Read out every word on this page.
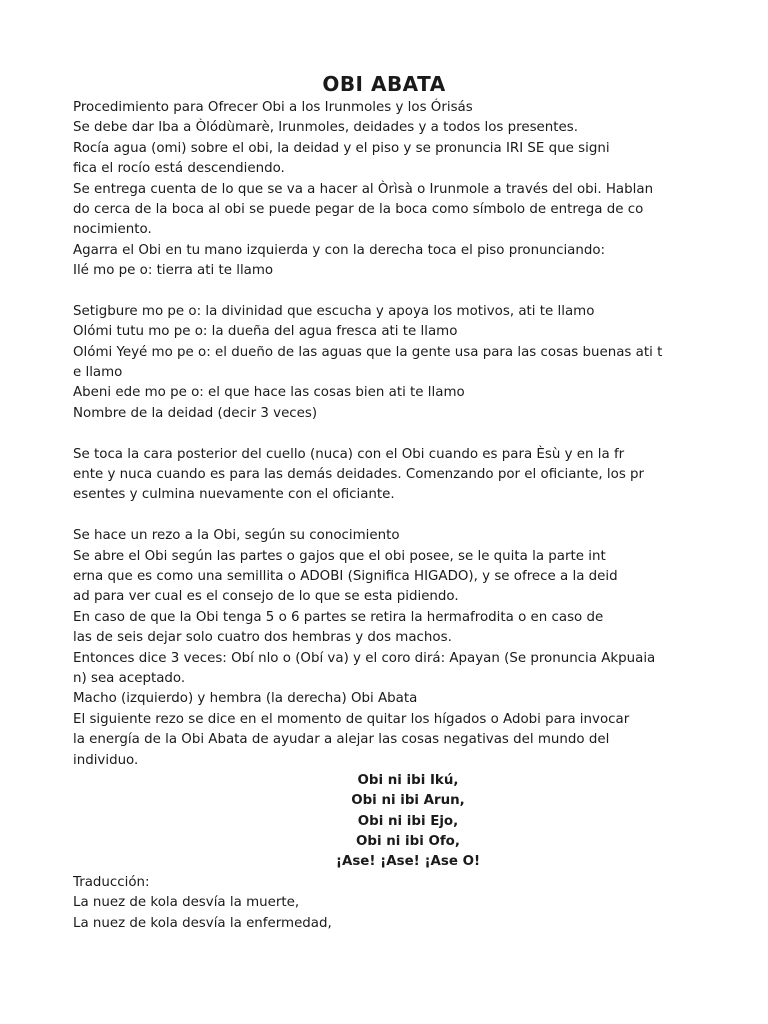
OBI ABATA
Procedimiento para Ofrecer Obi a los Irunmoles y los Órisás
Se debe dar Iba a Òlódùmarè, Irunmoles, deidades y a todos los presentes.
Rocía agua (omi) sobre el obi, la deidad y el piso y se pronuncia IRI SE que signi
fica el rocío está descendiendo.
Se entrega cuenta de lo que se va a hacer al Òrìsà o Irunmole a través del obi. Hablan
do cerca de la boca al obi se puede pegar de la boca como símbolo de entrega de co
nocimiento.
Agarra el Obi en tu mano izquierda y con la derecha toca el piso pronunciando:
Ilé mo pe o: tierra ati te llamo
Setigbure mo pe o: la divinidad que escucha y apoya los motivos, ati te llamo
Olómi tutu mo pe o: la dueña del agua fresca ati te llamo
Olómi Yeyé mo pe o: el dueño de las aguas que la gente usa para las cosas buenas ati t
e llamo
Abeni ede mo pe o: el que hace las cosas bien ati te llamo
Nombre de la deidad (decir 3 veces)
Se toca la cara posterior del cuello (nuca) con el Obi cuando es para Èsù y en la fr
ente y nuca cuando es para las demás deidades. Comenzando por el oficiante, los pr
esentes y culmina nuevamente con el oficiante.
Se hace un rezo a la Obi, según su conocimiento
Se abre el Obi según las partes o gajos que el obi posee, se le quita la parte int
erna que es como una semillita o ADOBI (Significa HIGADO), y se ofrece a la deid
ad para ver cual es el consejo de lo que se esta pidiendo.
En caso de que la Obi tenga 5 o 6 partes se retira la hermafrodita o en caso de
las de seis dejar solo cuatro dos hembras y dos machos.
Entonces dice 3 veces: Obí nlo o (Obí va) y el coro dirá: Apayan (Se pronuncia Akpuaia
n) sea aceptado.
Macho (izquierdo) y hembra (la derecha) Obi Abata
El siguiente rezo se dice en el momento de quitar los hígados o Adobi para invocar
la energía de la Obi Abata de ayudar a alejar las cosas negativas del mundo del
individuo.
Obi ni ibi Ikú,
Obi ni ibi Arun,
Obi ni ibi Ejo,
Obi ni ibi Ofo,
¡Ase! ¡Ase! ¡Ase O!
Traducción:
La nuez de kola desvía la muerte,
La nuez de kola desvía la enfermedad,
